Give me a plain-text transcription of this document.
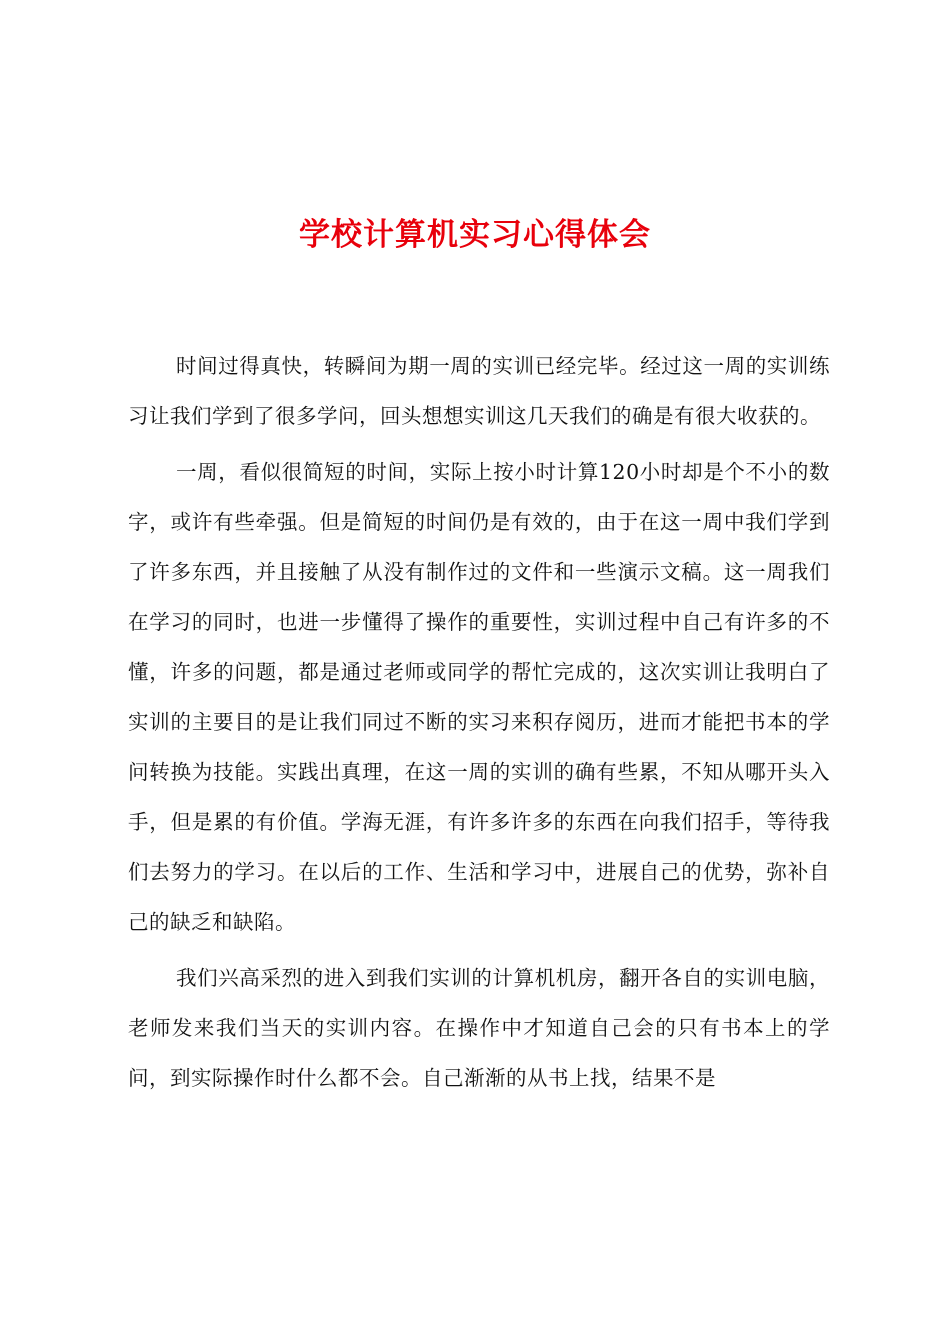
学校计算机实习心得体会

时间过得真快，转瞬间为期一周的实训已经完毕。经过这一周的实训练习让我们学到了很多学问，回头想想实训这几天我们的确是有很大收获的。

一周，看似很简短的时间，实际上按小时计算120小时却是个不小的数字，或许有些牵强。但是简短的时间仍是有效的，由于在这一周中我们学到了许多东西，并且接触了从没有制作过的文件和一些演示文稿。这一周我们在学习的同时，也进一步懂得了操作的重要性，实训过程中自己有许多的不懂，许多的问题，都是通过老师或同学的帮忙完成的，这次实训让我明白了实训的主要目的是让我们同过不断的实习来积存阅历，进而才能把书本的学问转换为技能。实践出真理，在这一周的实训的确有些累，不知从哪开头入手，但是累的有价值。学海无涯，有许多许多的东西在向我们招手，等待我们去努力的学习。在以后的工作、生活和学习中，进展自己的优势，弥补自己的缺乏和缺陷。

我们兴高采烈的进入到我们实训的计算机机房，翻开各自的实训电脑，老师发来我们当天的实训内容。在操作中才知道自己会的只有书本上的学问，到实际操作时什么都不会。自己渐渐的从书上找，结果不是
